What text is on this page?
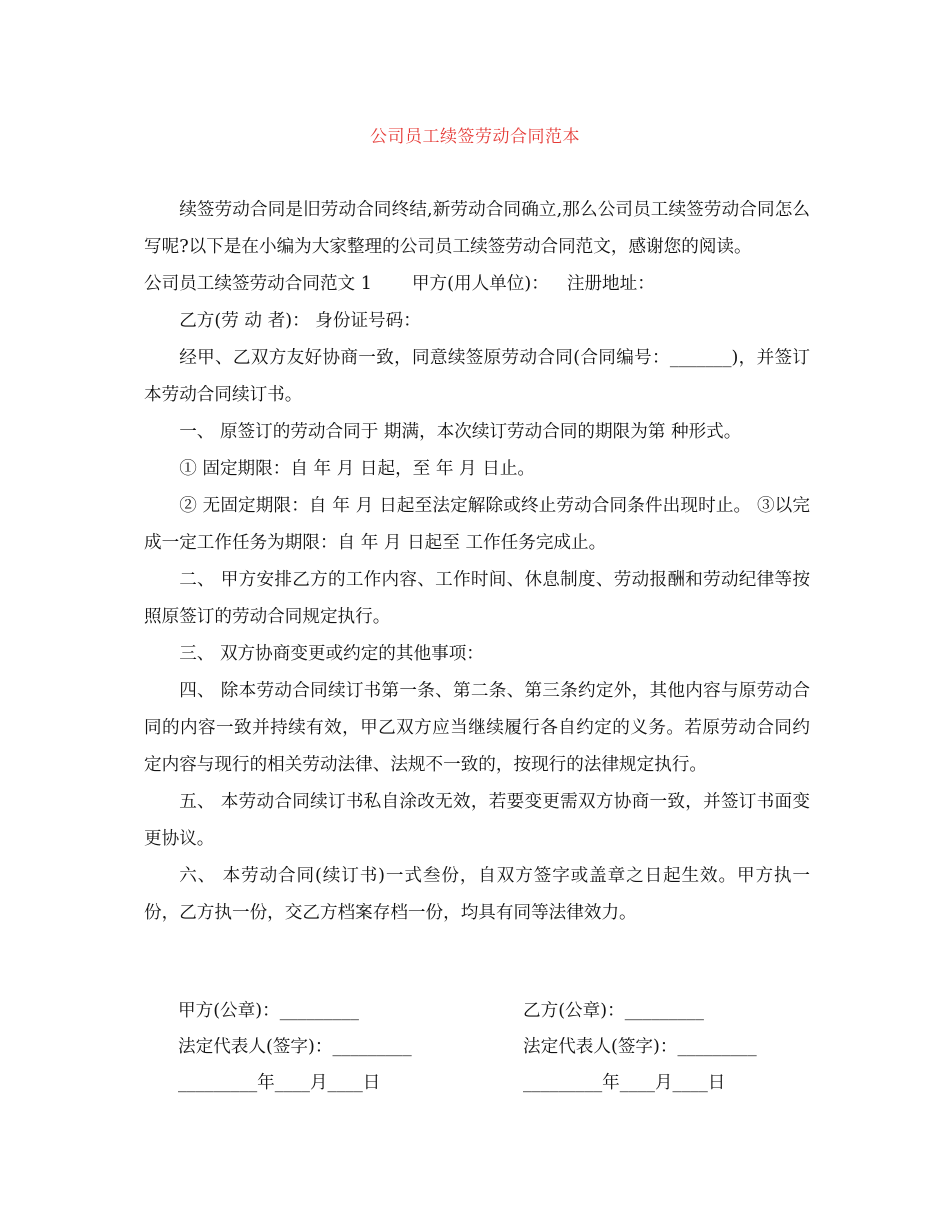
公司员工续签劳动合同范本

续签劳动合同是旧劳动合同终结,新劳动合同确立,那么公司员工续签劳动合同怎么写呢?以下是在小编为大家整理的公司员工续签劳动合同范文，感谢您的阅读。

公司员工续签劳动合同范文 1 甲方(用人单位)： 注册地址：

乙方(劳 动 者)： 身份证号码：

经甲、乙双方友好协商一致，同意续签原劳动合同(合同编号：_______)，并签订本劳动合同续订书。

一、 原签订的劳动合同于 期满，本次续订劳动合同的期限为第 种形式。

① 固定期限：自 年 月 日起，至 年 月 日止。

② 无固定期限：自 年 月 日起至法定解除或终止劳动合同条件出现时止。 ③以完成一定工作任务为期限：自 年 月 日起至 工作任务完成止。

二、 甲方安排乙方的工作内容、工作时间、休息制度、劳动报酬和劳动纪律等按照原签订的劳动合同规定执行。

三、 双方协商变更或约定的其他事项：

四、 除本劳动合同续订书第一条、第二条、第三条约定外，其他内容与原劳动合同的内容一致并持续有效，甲乙双方应当继续履行各自约定的义务。若原劳动合同约定内容与现行的相关劳动法律、法规不一致的，按现行的法律规定执行。

五、 本劳动合同续订书私自涂改无效，若要变更需双方协商一致，并签订书面变更协议。

六、 本劳动合同(续订书)一式叁份，自双方签字或盖章之日起生效。甲方执一份，乙方执一份，交乙方档案存档一份，均具有同等法律效力。

甲方(公章)：_________	乙方(公章)：_________
法定代表人(签字)：_________	法定代表人(签字)：_________
_________年____月____日	_________年____月____日
